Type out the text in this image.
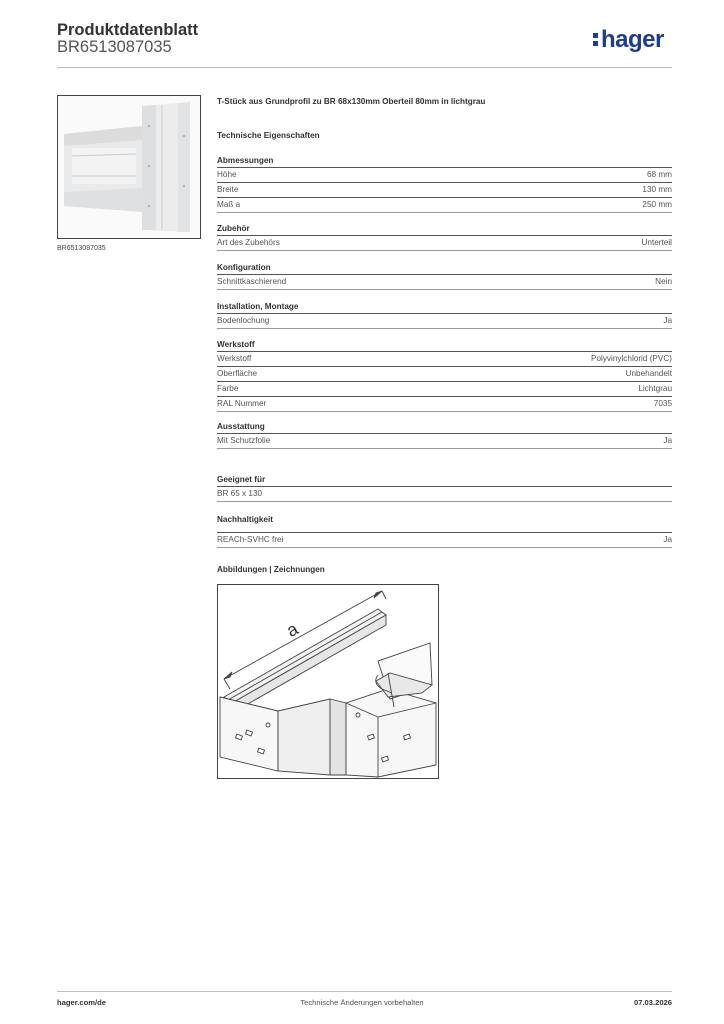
Produktdatenblatt
BR6513087035	hager
BR6513087035
T-Stück aus Grundprofil zu BR 68x130mm Oberteil 80mm in lichtgrau
Technische Eigenschaften
Abmessungen
Höhe	68 mm
Breite	130 mm
Maß a	250 mm
Zubehör
Art des Zubehörs	Unterteil
Konfiguration
Schnittkaschierend	Nein
Installation, Montage
Bodenlochung	Ja
Werkstoff
Werkstoff	Polyvinylchlorid (PVC)
Oberfläche	Unbehandelt
Farbe	Lichtgrau
RAL Nummer	7035
Ausstattung
Mit Schutzfolie	Ja
Geeignet für
BR 65 x 130
Nachhaltigkeit
REACh-SVHC frei	Ja
Abbildungen | Zeichnungen
a
hager.com/de	Technische Änderungen vorbehalten	07.03.2026
